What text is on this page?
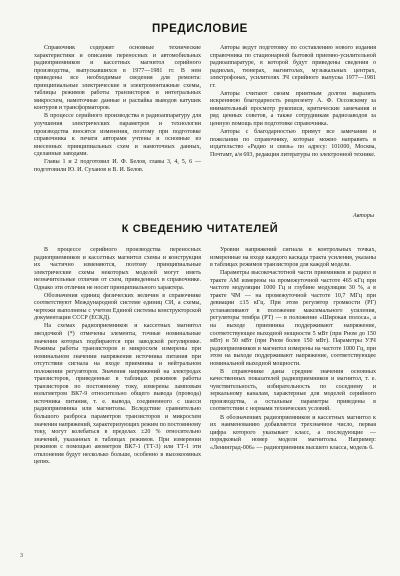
ПРЕДИСЛОВИЕ

Справочник содержит основные технические характеристики и описания переносных и автомобильных радиоприемников и кассетных магнитол серийного производства, выпускавшихся в 1977—1981 гг. В нем приведены все необходимые сведения для ремонта: принципиальные электрические и электромонтажные схемы, таблицы режимов работы транзисторов и интегральных микросхем, намоточные данные и распайка выводов катушек контуров и трансформаторов.

В процессе серийного производства в радиоаппаратуру для улучшения электрических параметров и технологии производства вносятся изменения, поэтому при подготовке справочника к печати авторами учтены и основные из внесенных принципиальных схем и намоточных данных, сделанные заводами.

Главы 1 и 2 подготовил И. Ф. Белов, главы 3, 4, 5, 6 — подготовили Ю. И. Суханов и В. И. Белов.

Авторы ведут подготовку по составлению нового издания справочника по стационарной бытовой приемно-усилительной радиоаппаратуре, в которой будут приведены сведения о радиолах, тюнерах, магнитолах, музыкальных центрах, электрофонах, усилителях ЗЧ серийного выпуска 1977—1981 гг.

Авторы считают своим приятным долгом выразить искреннюю благодарность рецензенту А. Ф. Оссовскому за внимательный просмотр рукописи, критические замечания и ряд ценных советов, а также сотрудникам радиозаводов за ценную помощь при подготовке справочника.

Авторы с благодарностью примут все замечания и пожелания по справочнику, которые можно направить в издательство «Радио и связь» по адресу: 101000, Москва, Почтамт, а/я 693, редакция литературы по электронной технике.

Авторы
К СВЕДЕНИЮ ЧИТАТЕЛЕЙ

В процессе серийного производства переносных радиоприемников и кассетных магнитол схемы и конструкция их частично изменяются, поэтому принципиальные электрические схемы некоторых моделей могут иметь незначительные отличия от схем, приведенных в справочнике. Однако эти отличия не носят принципиального характера.

Обозначения единиц физических величин в справочнике соответствуют Международной системе единиц СИ, а схемы, чертежи выполнены с учетом Единой системы конструкторской документации СССР (ЕСКД).

На схемах радиоприемников и кассетных магнитол звездочкой (*) отмечены элементы, точные номинальные значения которых подбираются при заводской регулировке. Режимы работы транзисторов и микросхем измерены при номинальном значении напряжения источника питания при отсутствии сигнала на входе приемника и нейтральном положении регуляторов. Значения напряжений на электродах транзисторов, приведенные в таблицах режимов работы транзисторов по постоянному току, измерены ламповым вольтметром ВК7-9 относительно общего вывода (провода) источника питания, т. е. вывода, соединенного с шасси радиоприемника или магнитолы. Вследствие сравнительно большого разброса параметров транзисторов и микросхем значения напряжений, характеризующих режим по постоянному току, могут колебаться в пределах ±20 % относительно значений, указанных в таблицах режимов. При измерении режимов с помощью авометров ВК7-1 (ТТ-3) или ТТ-1 эти отклонения будут несколько больше, особенно в высокоомных цепях.

Уровни напряжений сигнала в контрольных точках, измеренные на входе каждого каскада тракта усиления, указаны в таблицах режимов транзисторов для каждой модели.

Параметры высокочастотной части приемников и радиол в тракте АМ измерены на промежуточной частоте 465 кГц при частоте модуляции 1000 Гц и глубине модуляции 30 %, а в тракте ЧМ — на промежуточной частоте 10,7 МГц при девиации ±15 кГц. При этом регулятор громкости (РГ) устанавливают в положение максимального усиления, регуляторы тембра (РТ) — в положение «Широкая полоса», а на выходе приемника поддерживают напряжение, соответствующее выходной мощности 5 мВт (при Pном до 150 мВт) и 50 мВт (при Pном более 150 мВт). Параметры УЗЧ радиоприемников и магнитол измерены на частоте 1000 Гц, при этом на выходе поддерживают напряжение, соответствующее номинальной выходной мощности.

В справочнике даны средние значения основных качественных показателей радиоприемников и магнитол, т. е. чувствительность, избирательность по соседнему и зеркальному каналам, характерные для моделей серийного производства, а остальные параметры приведены в соответствии с нормами технических условий.

В обозначениях радиоприемников и кассетных магнитол к их наименованию добавляется трехзначное число, первая цифра которого указывает класс, а последующие — порядковый номер модели магнитолы. Например: «Ленинград-006» — радиоприемник высшего класса, модель 6.

3
